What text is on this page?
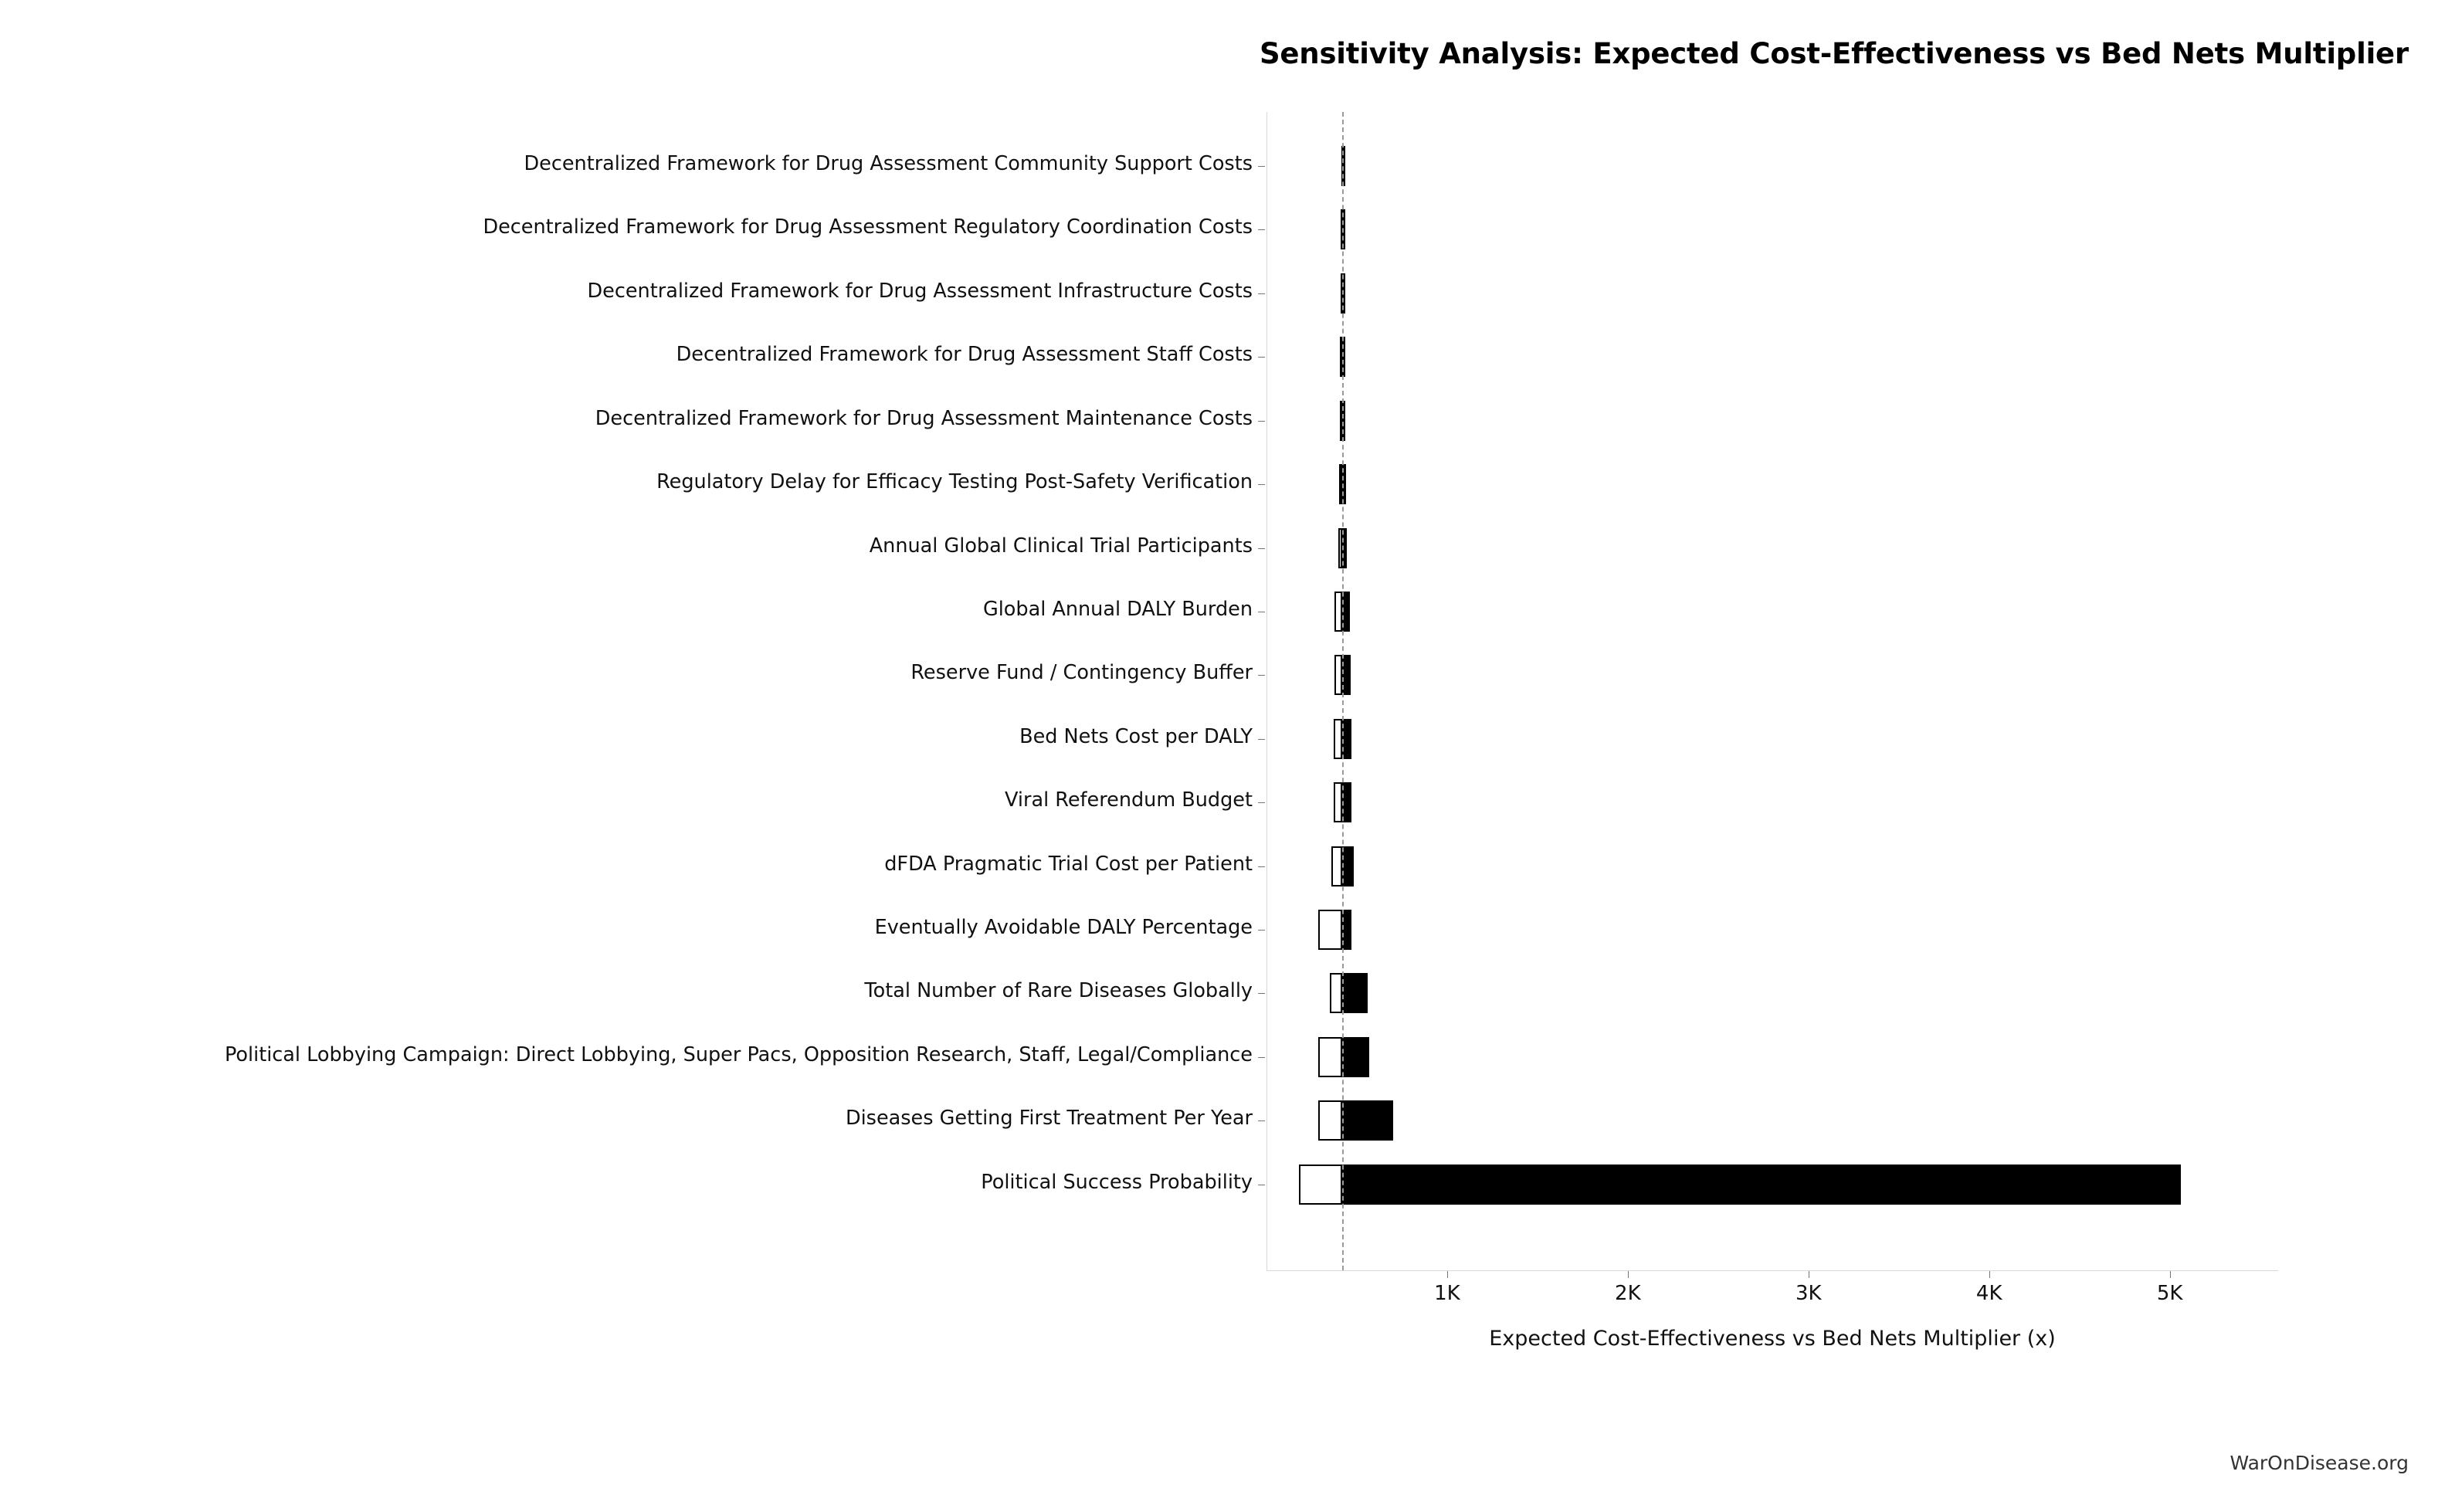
Sensitivity Analysis: Expected Cost-Effectiveness vs Bed Nets Multiplier
Decentralized Framework for Drug Assessment Community Support Costs
Decentralized Framework for Drug Assessment Regulatory Coordination Costs
Decentralized Framework for Drug Assessment Infrastructure Costs
Decentralized Framework for Drug Assessment Staff Costs
Decentralized Framework for Drug Assessment Maintenance Costs
Regulatory Delay for Efficacy Testing Post-Safety Verification
Annual Global Clinical Trial Participants
Global Annual DALY Burden
Reserve Fund / Contingency Buffer
Bed Nets Cost per DALY
Viral Referendum Budget
dFDA Pragmatic Trial Cost per Patient
Eventually Avoidable DALY Percentage
Total Number of Rare Diseases Globally
Political Lobbying Campaign: Direct Lobbying, Super Pacs, Opposition Research, Staff, Legal/Compliance
Diseases Getting First Treatment Per Year
Political Success Probability
1K	2K	3K	4K	5K
Expected Cost-Effectiveness vs Bed Nets Multiplier (x)
WarOnDisease.org
